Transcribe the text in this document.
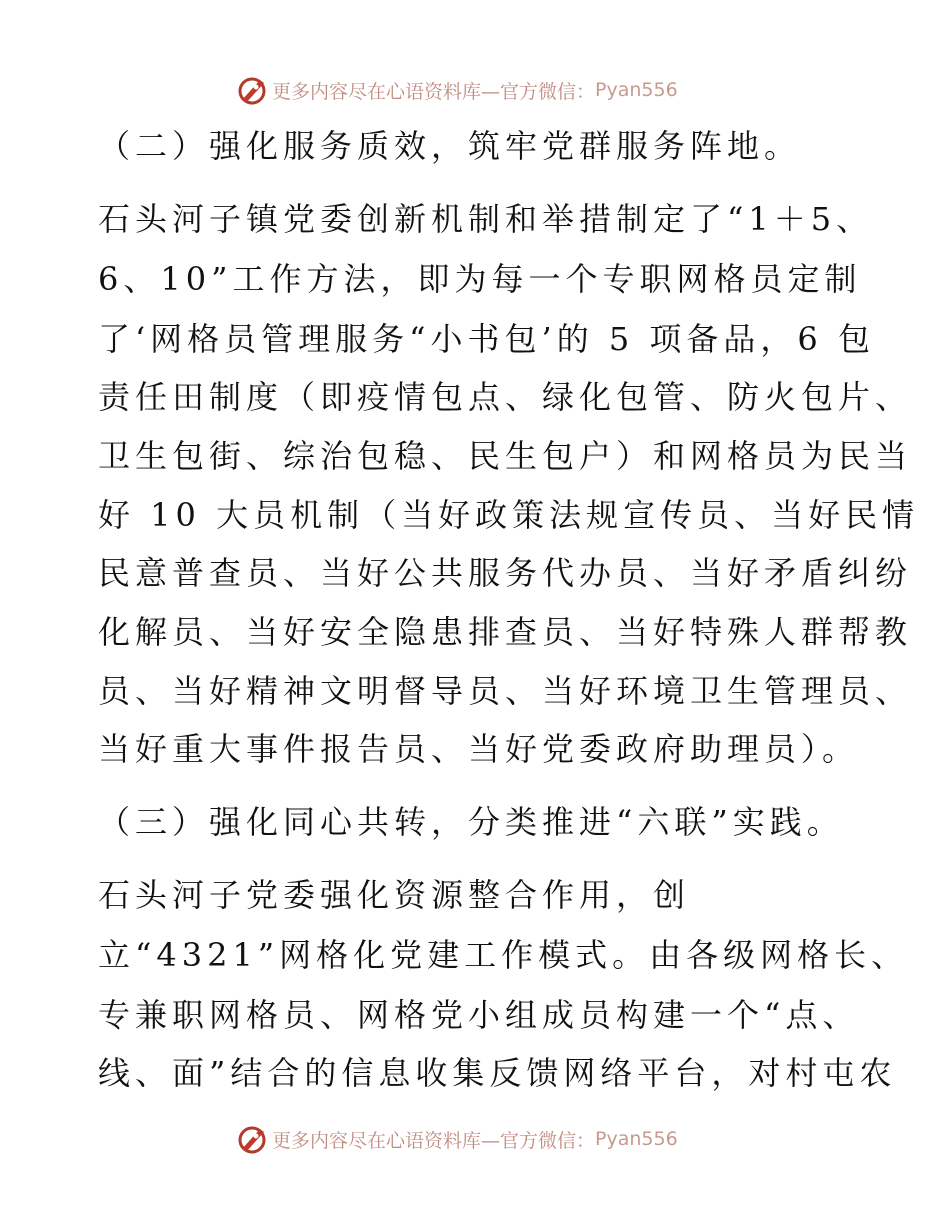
更多内容尽在心语资料库—官方微信： Pyan556
（二）强化服务质效，筑牢党群服务阵地。
石头河子镇党委创新机制和举措制定了“1＋5、
6、10”工作方法，即为每一个专职网格员定制
了‘网格员管理服务“小书包’的 5 项备品，6 包
责任田制度（即疫情包点、绿化包管、防火包片、
卫生包街、综治包稳、民生包户）和网格员为民当
好 10 大员机制（当好政策法规宣传员、当好民情
民意普查员、当好公共服务代办员、当好矛盾纠纷
化解员、当好安全隐患排查员、当好特殊人群帮教
员、当好精神文明督导员、当好环境卫生管理员、
当好重大事件报告员、当好党委政府助理员）。
（三）强化同心共转，分类推进“六联”实践。
石头河子党委强化资源整合作用，创
立“4321”网格化党建工作模式。由各级网格长、
专兼职网格员、网格党小组成员构建一个“点、
线、面”结合的信息收集反馈网络平台，对村屯农
更多内容尽在心语资料库—官方微信： Pyan556
